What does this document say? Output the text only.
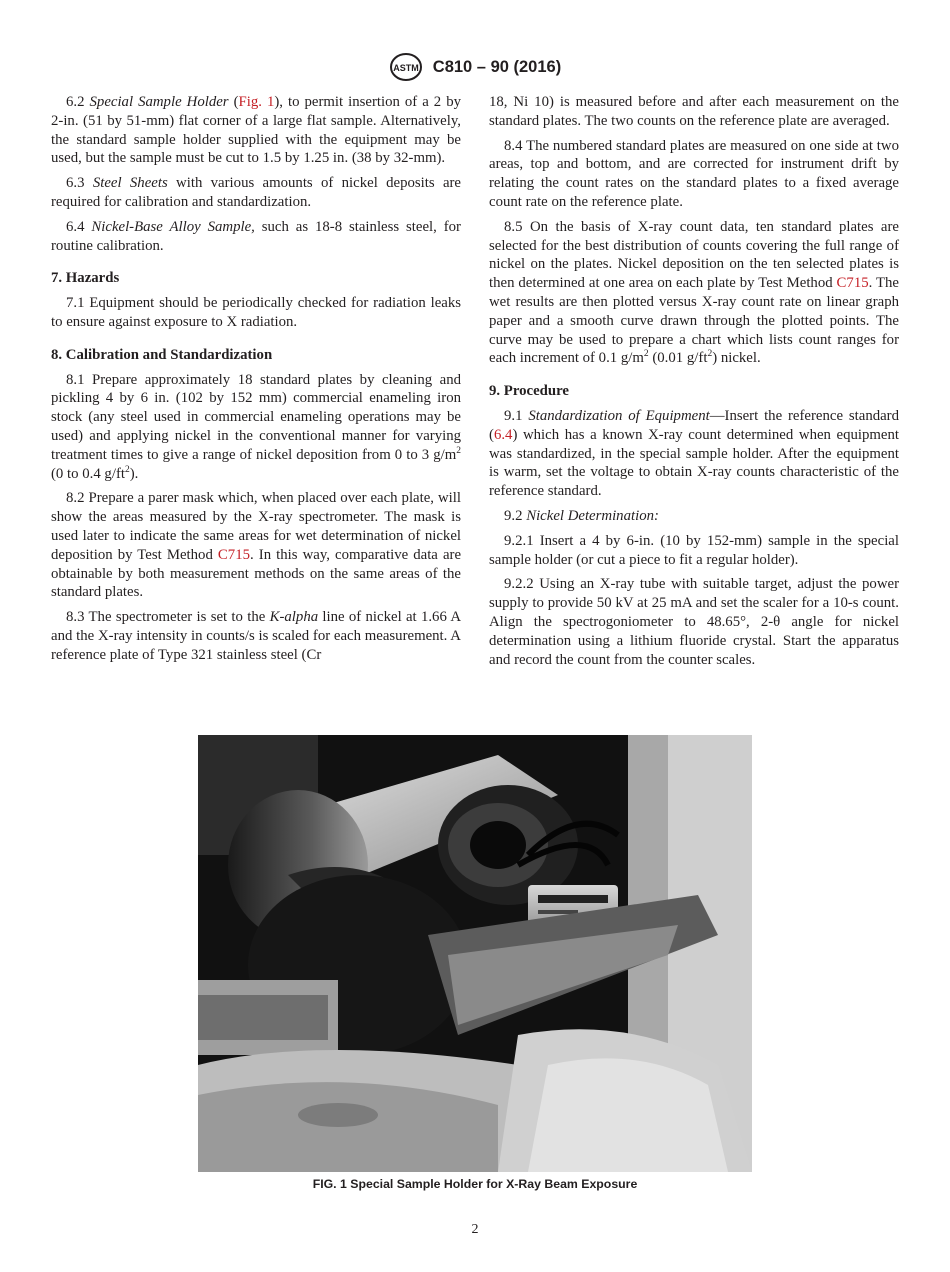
ASTM C810 – 90 (2016)

6.2 Special Sample Holder (Fig. 1), to permit insertion of a 2 by 2-in. (51 by 51-mm) flat corner of a large flat sample. Alternatively, the standard sample holder supplied with the equipment may be used, but the sample must be cut to 1.5 by 1.25 in. (38 by 32-mm).

6.3 Steel Sheets with various amounts of nickel deposits are required for calibration and standardization.

6.4 Nickel-Base Alloy Sample, such as 18-8 stainless steel, for routine calibration.

7. Hazards

7.1 Equipment should be periodically checked for radiation leaks to ensure against exposure to X radiation.

8. Calibration and Standardization

8.1 Prepare approximately 18 standard plates by cleaning and pickling 4 by 6 in. (102 by 152 mm) commercial enameling iron stock (any steel used in commercial enameling operations may be used) and applying nickel in the conventional manner for varying treatment times to give a range of nickel deposition from 0 to 3 $g/m^2$ (0 to 0.4 $g/ft^2$).

8.2 Prepare a parer mask which, when placed over each plate, will show the areas measured by the X-ray spectrometer. The mask is used later to indicate the same areas for wet determination of nickel deposition by Test Method C715. In this way, comparative data are obtainable by both measurement methods on the same areas of the standard plates.

8.3 The spectrometer is set to the K-alpha line of nickel at 1.66 A and the X-ray intensity in counts/s is scaled for each measurement. A reference plate of Type 321 stainless steel (Cr

18, Ni 10) is measured before and after each measurement on the standard plates. The two counts on the reference plate are averaged.

8.4 The numbered standard plates are measured on one side at two areas, top and bottom, and are corrected for instrument drift by relating the count rates on the standard plates to a fixed average count rate on the reference plate.

8.5 On the basis of X-ray count data, ten standard plates are selected for the best distribution of counts covering the full range of nickel on the plates. Nickel deposition on the ten selected plates is then determined at one area on each plate by Test Method C715. The wet results are then plotted versus X-ray count rate on linear graph paper and a smooth curve drawn through the plotted points. The curve may be used to prepare a chart which lists count ranges for each increment of 0.1 $g/m^2$ (0.01 $g/ft^2$) nickel.

9. Procedure

9.1 Standardization of Equipment—Insert the reference standard (6.4) which has a known X-ray count determined when equipment was standardized, in the special sample holder. After the equipment is warm, set the voltage to obtain X-ray counts characteristic of the reference standard.

9.2 Nickel Determination:

9.2.1 Insert a 4 by 6-in. (10 by 152-mm) sample in the special sample holder (or cut a piece to fit a regular holder).

9.2.2 Using an X-ray tube with suitable target, adjust the power supply to provide 50 kV at 25 mA and set the scaler for a 10-s count. Align the spectrogoniometer to 48.65°, 2-θ angle for nickel determination using a lithium fluoride crystal. Start the apparatus and record the count from the counter scales.

FIG. 1 Special Sample Holder for X-Ray Beam Exposure
2
